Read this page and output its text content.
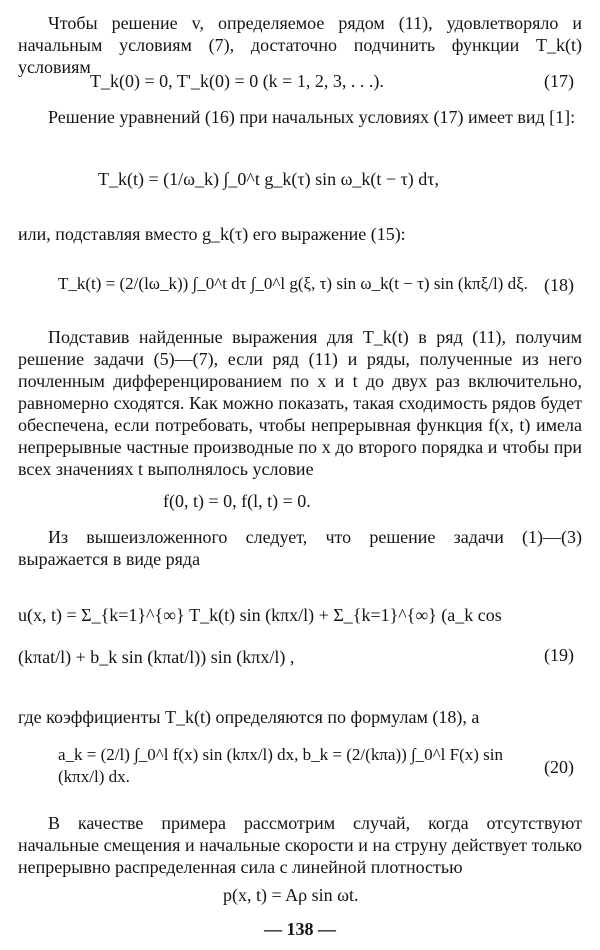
Чтобы решение v, определяемое рядом (11), удовлетворяло и начальным условиям (7), достаточно подчинить функции T_k(t) условиям
T_k(0) = 0, T'_k(0) = 0 (k = 1, 2, 3, . . .).	(17)
Решение уравнений (16) при начальных условиях (17) имеет вид [1]:
T_k(t) = (1/ω_k) ∫_0^t g_k(τ) sin ω_k(t − τ) dτ,
или, подставляя вместо g_k(τ) его выражение (15):
T_k(t) = (2/(lω_k)) ∫_0^t dτ ∫_0^l g(ξ, τ) sin ω_k(t − τ) sin (kπξ/l) dξ. (18)
Подставив найденные выражения для T_k(t) в ряд (11), получим решение задачи (5)—(7), если ряд (11) и ряды, полученные из него почленным дифференцированием по x и t до двух раз включительно, равномерно сходятся. Как можно показать, такая сходимость рядов будет обеспечена, если потребовать, чтобы непрерывная функция f(x, t) имела непрерывные частные производные по x до второго порядка и чтобы при всех значениях t выполнялось условие
f(0, t) = 0, f(l, t) = 0.
Из вышеизложенного следует, что решение задачи (1)—(3) выражается в виде ряда
u(x, t) = Σ_{k=1}^{∞} T_k(t) sin (kπx/l) + Σ_{k=1}^{∞} (a_k cos (kπat/l) + b_k sin (kπat/l)) sin (kπx/l) ,	(19)
где коэффициенты T_k(t) определяются по формулам (18), а
a_k = (2/l) ∫_0^l f(x) sin (kπx/l) dx, b_k = (2/(kπa)) ∫_0^l F(x) sin (kπx/l) dx.	(20)
В качестве примера рассмотрим случай, когда отсутствуют начальные смещения и начальные скорости и на струну действует только непрерывно распределенная сила с линейной плотностью
p(x, t) = Aρ sin ωt.
— 138 —
